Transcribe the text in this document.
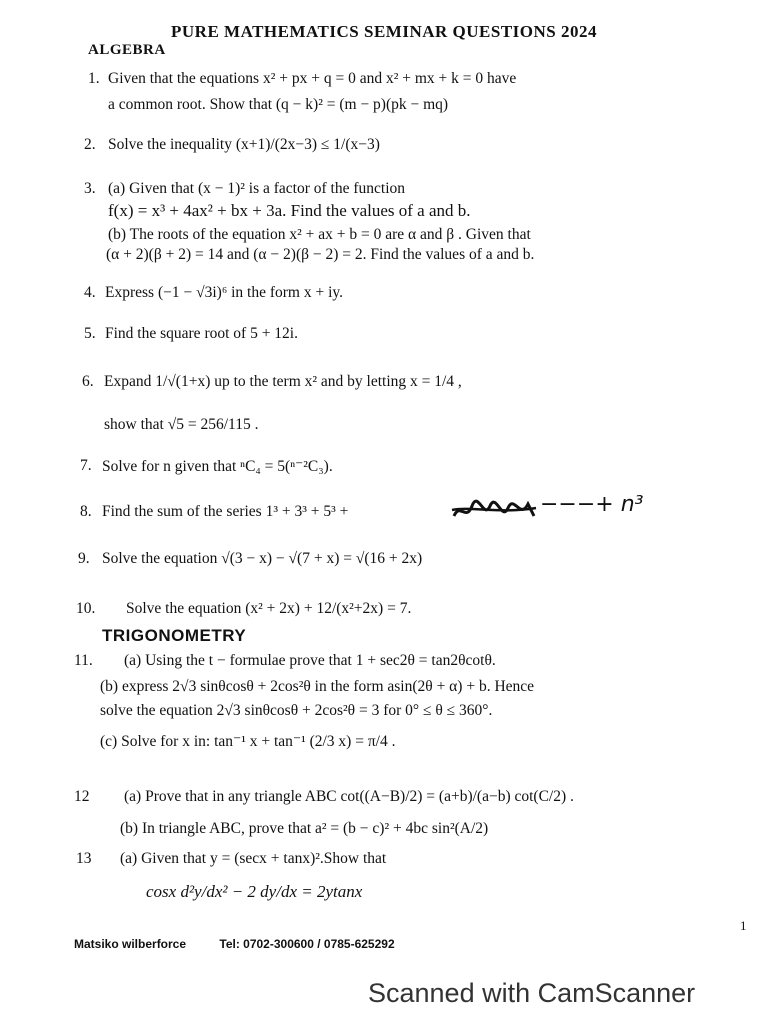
PURE MATHEMATICS SEMINAR QUESTIONS 2024
ALGEBRA
1. Given that the equations x² + px + q = 0 and x² + mx + k = 0 have
a common root. Show that (q − k)² = (m − p)(pk − mq)
2. Solve the inequality (x+1)/(2x−3) ≤ 1/(x−3)
3. (a) Given that (x − 1)² is a factor of the function
f(x) = x³ + 4ax² + bx + 3a. Find the values of a and b.
(b) The roots of the equation x² + ax + b = 0 are α and β . Given that
(α + 2)(β + 2) = 14 and (α − 2)(β − 2) = 2. Find the values of a and b.
4. Express (−1 − √3i)⁶ in the form x + iy.
5. Find the square root of 5 + 12i.
6. Expand 1/√(1+x) up to the term x² and by letting x = 1/4 ,
show that √5 = 256/115 .
7. Solve for n given that ⁿC₄ = 5(ⁿ⁻²C₃).
8. Find the sum of the series 1³ + 3³ + 5³ +	−−−+ n³
9. Solve the equation √(3 − x) − √(7 + x) = √(16 + 2x)
10. Solve the equation (x² + 2x) + 12/(x²+2x) = 7.
TRIGONOMETRY
11. (a) Using the t − formulae prove that 1 + sec2θ = tan2θcotθ.
(b) express 2√3 sinθcosθ + 2cos²θ in the form asin(2θ + α) + b. Hence
solve the equation 2√3 sinθcosθ + 2cos²θ = 3 for 0° ≤ θ ≤ 360°.
(c) Solve for x in: tan⁻¹ x + tan⁻¹ (2/3 x) = π/4 .
12 (a) Prove that in any triangle ABC cot((A−B)/2) = (a+b)/(a−b) cot(C/2) .
(b) In triangle ABC, prove that a² = (b − c)² + 4bc sin²(A/2)
13 (a) Given that y = (secx + tanx)².Show that
cosx d²y/dx² − 2 dy/dx = 2ytanx
1
Matsiko wilberforce	Tel: 0702-300600 / 0785-625292
Scanned with CamScanner
